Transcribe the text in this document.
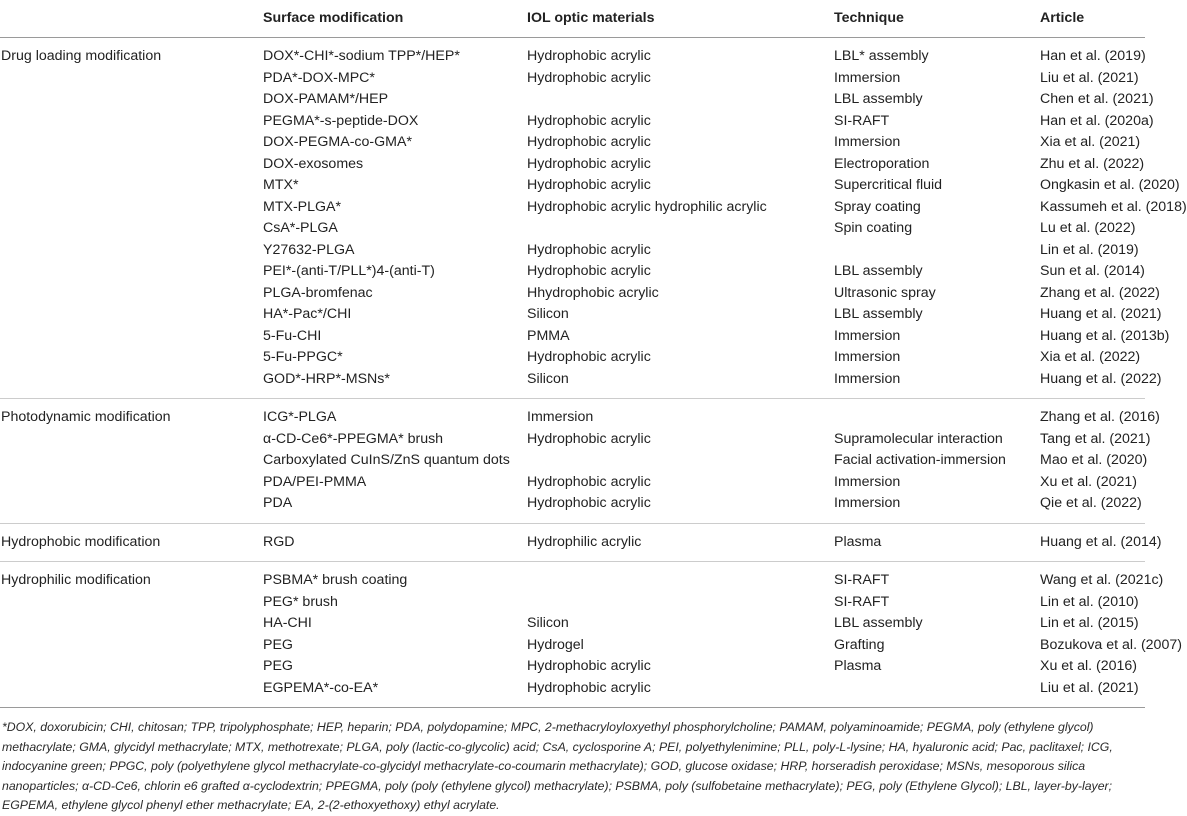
	Surface modification	IOL optic materials	Technique	Article
Drug loading modification	DOX*-CHI*-sodium TPP*/HEP*	Hydrophobic acrylic	LBL* assembly	Han et al. (2019)
	PDA*-DOX-MPC*	Hydrophobic acrylic	Immersion	Liu et al. (2021)
	DOX-PAMAM*/HEP		LBL assembly	Chen et al. (2021)
	PEGMA*-s-peptide-DOX	Hydrophobic acrylic	SI-RAFT	Han et al. (2020a)
	DOX-PEGMA-co-GMA*	Hydrophobic acrylic	Immersion	Xia et al. (2021)
	DOX-exosomes	Hydrophobic acrylic	Electroporation	Zhu et al. (2022)
	MTX*	Hydrophobic acrylic	Supercritical fluid	Ongkasin et al. (2020)
	MTX-PLGA*	Hydrophobic acrylic hydrophilic acrylic	Spray coating	Kassumeh et al. (2018)
	CsA*-PLGA		Spin coating	Lu et al. (2022)
	Y27632-PLGA	Hydrophobic acrylic		Lin et al. (2019)
	PEI*-(anti-T/PLL*)4-(anti-T)	Hydrophobic acrylic	LBL assembly	Sun et al. (2014)
	PLGA-bromfenac	Hhydrophobic acrylic	Ultrasonic spray	Zhang et al. (2022)
	HA*-Pac*/CHI	Silicon	LBL assembly	Huang et al. (2021)
	5-Fu-CHI	PMMA	Immersion	Huang et al. (2013b)
	5-Fu-PPGC*	Hydrophobic acrylic	Immersion	Xia et al. (2022)
	GOD*-HRP*-MSNs*	Silicon	Immersion	Huang et al. (2022)
Photodynamic modification	ICG*-PLGA	Immersion		Zhang et al. (2016)
	α-CD-Ce6*-PPEGMA* brush	Hydrophobic acrylic	Supramolecular interaction	Tang et al. (2021)
	Carboxylated CuInS/ZnS quantum dots		Facial activation-immersion	Mao et al. (2020)
	PDA/PEI-PMMA	Hydrophobic acrylic	Immersion	Xu et al. (2021)
	PDA	Hydrophobic acrylic	Immersion	Qie et al. (2022)
Hydrophobic modification	RGD	Hydrophilic acrylic	Plasma	Huang et al. (2014)
Hydrophilic modification	PSBMA* brush coating		SI-RAFT	Wang et al. (2021c)
	PEG* brush		SI-RAFT	Lin et al. (2010)
	HA-CHI	Silicon	LBL assembly	Lin et al. (2015)
	PEG	Hydrogel	Grafting	Bozukova et al. (2007)
	PEG	Hydrophobic acrylic	Plasma	Xu et al. (2016)
	EGPEMA*-co-EA*	Hydrophobic acrylic		Liu et al. (2021)
*DOX, doxorubicin; CHI, chitosan; TPP, tripolyphosphate; HEP, heparin; PDA, polydopamine; MPC, 2-methacryloyloxyethyl phosphorylcholine; PAMAM, polyaminoamide; PEGMA, poly (ethylene glycol) methacrylate; GMA, glycidyl methacrylate; MTX, methotrexate; PLGA, poly (lactic-co-glycolic) acid; CsA, cyclosporine A; PEI, polyethylenimine; PLL, poly-L-lysine; HA, hyaluronic acid; Pac, paclitaxel; ICG, indocyanine green; PPGC, poly (polyethylene glycol methacrylate-co-glycidyl methacrylate-co-coumarin methacrylate); GOD, glucose oxidase; HRP, horseradish peroxidase; MSNs, mesoporous silica nanoparticles; α-CD-Ce6, chlorin e6 grafted α-cyclodextrin; PPEGMA, poly (poly (ethylene glycol) methacrylate); PSBMA, poly (sulfobetaine methacrylate); PEG, poly (Ethylene Glycol); LBL, layer-by-layer; EGPEMA, ethylene glycol phenyl ether methacrylate; EA, 2-(2-ethoxyethoxy) ethyl acrylate.
